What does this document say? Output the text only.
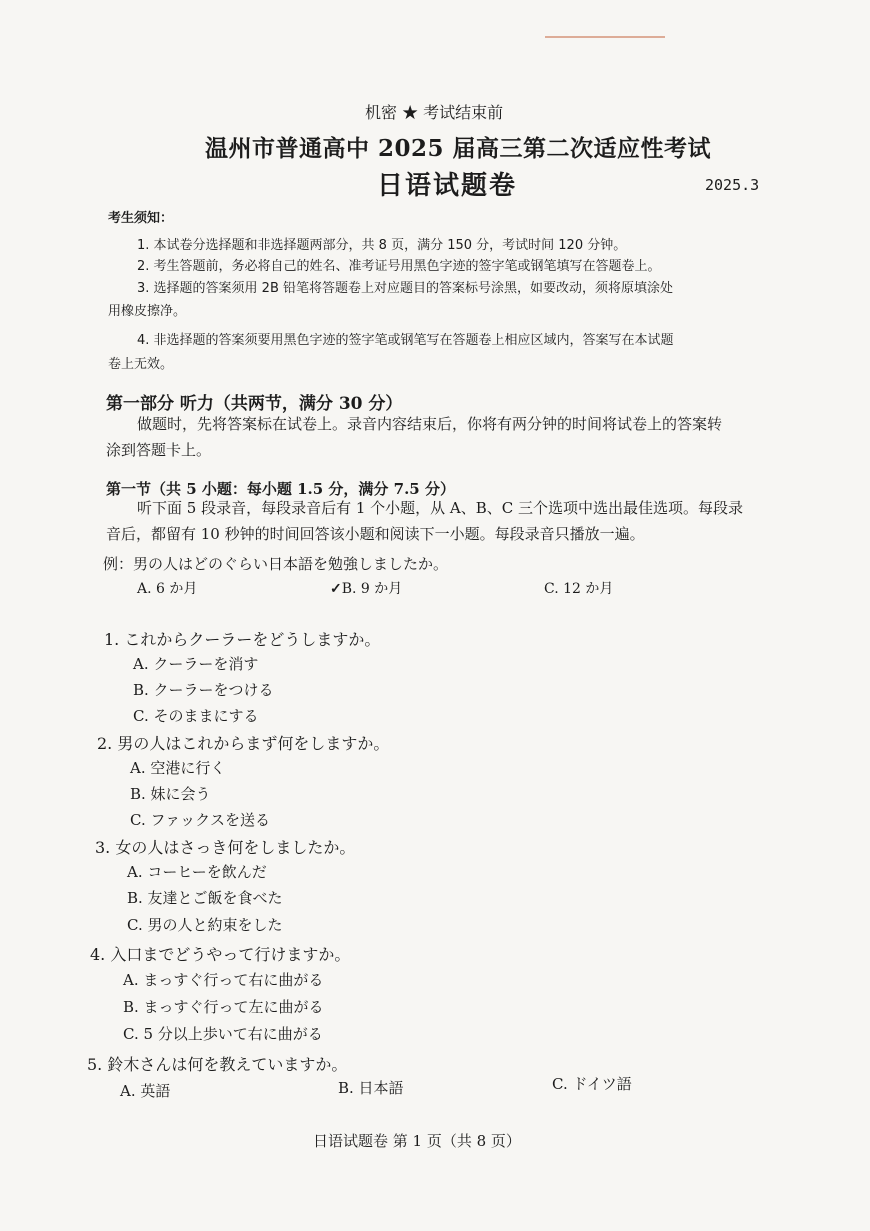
机密 ★ 考试结束前
温州市普通高中 2025 届高三第二次适应性考试
日语试题卷	2025.3
考生须知：
1. 本试卷分选择题和非选择题两部分，共 8 页，满分 150 分，考试时间 120 分钟。
2. 考生答题前，务必将自己的姓名、准考证号用黑色字迹的签字笔或钢笔填写在答题卷上。
3. 选择题的答案须用 2B 铅笔将答题卷上对应题目的答案标号涂黑，如要改动，须将原填涂处
用橡皮擦净。
4. 非选择题的答案须要用黑色字迹的签字笔或钢笔写在答题卷上相应区域内，答案写在本试题
卷上无效。
第一部分 听力（共两节，满分 30 分）
做题时，先将答案标在试卷上。录音内容结束后，你将有两分钟的时间将试卷上的答案转
涂到答题卡上。
第一节（共 5 小题：每小题 1.5 分，满分 7.5 分）
听下面 5 段录音，每段录音后有 1 个小题，从 A、B、C 三个选项中选出最佳选项。每段录
音后，都留有 10 秒钟的时间回答该小题和阅读下一小题。每段录音只播放一遍。
例：男の人はどのぐらい日本語を勉強しましたか。
A. 6 か月	✓B. 9 か月	C. 12 か月
1. これからクーラーをどうしますか。
A. クーラーを消す
B. クーラーをつける
C. そのままにする
2. 男の人はこれからまず何をしますか。
A. 空港に行く
B. 妹に会う
C. ファックスを送る
3. 女の人はさっき何をしましたか。
A. コーヒーを飲んだ
B. 友達とご飯を食べた
C. 男の人と約束をした
4. 入口までどうやって行けますか。
A. まっすぐ行って右に曲がる
B. まっすぐ行って左に曲がる
C. 5 分以上歩いて右に曲がる
5. 鈴木さんは何を教えていますか。
A. 英語	B. 日本語	C. ドイツ語
日语试题卷 第 1 页（共 8 页）
